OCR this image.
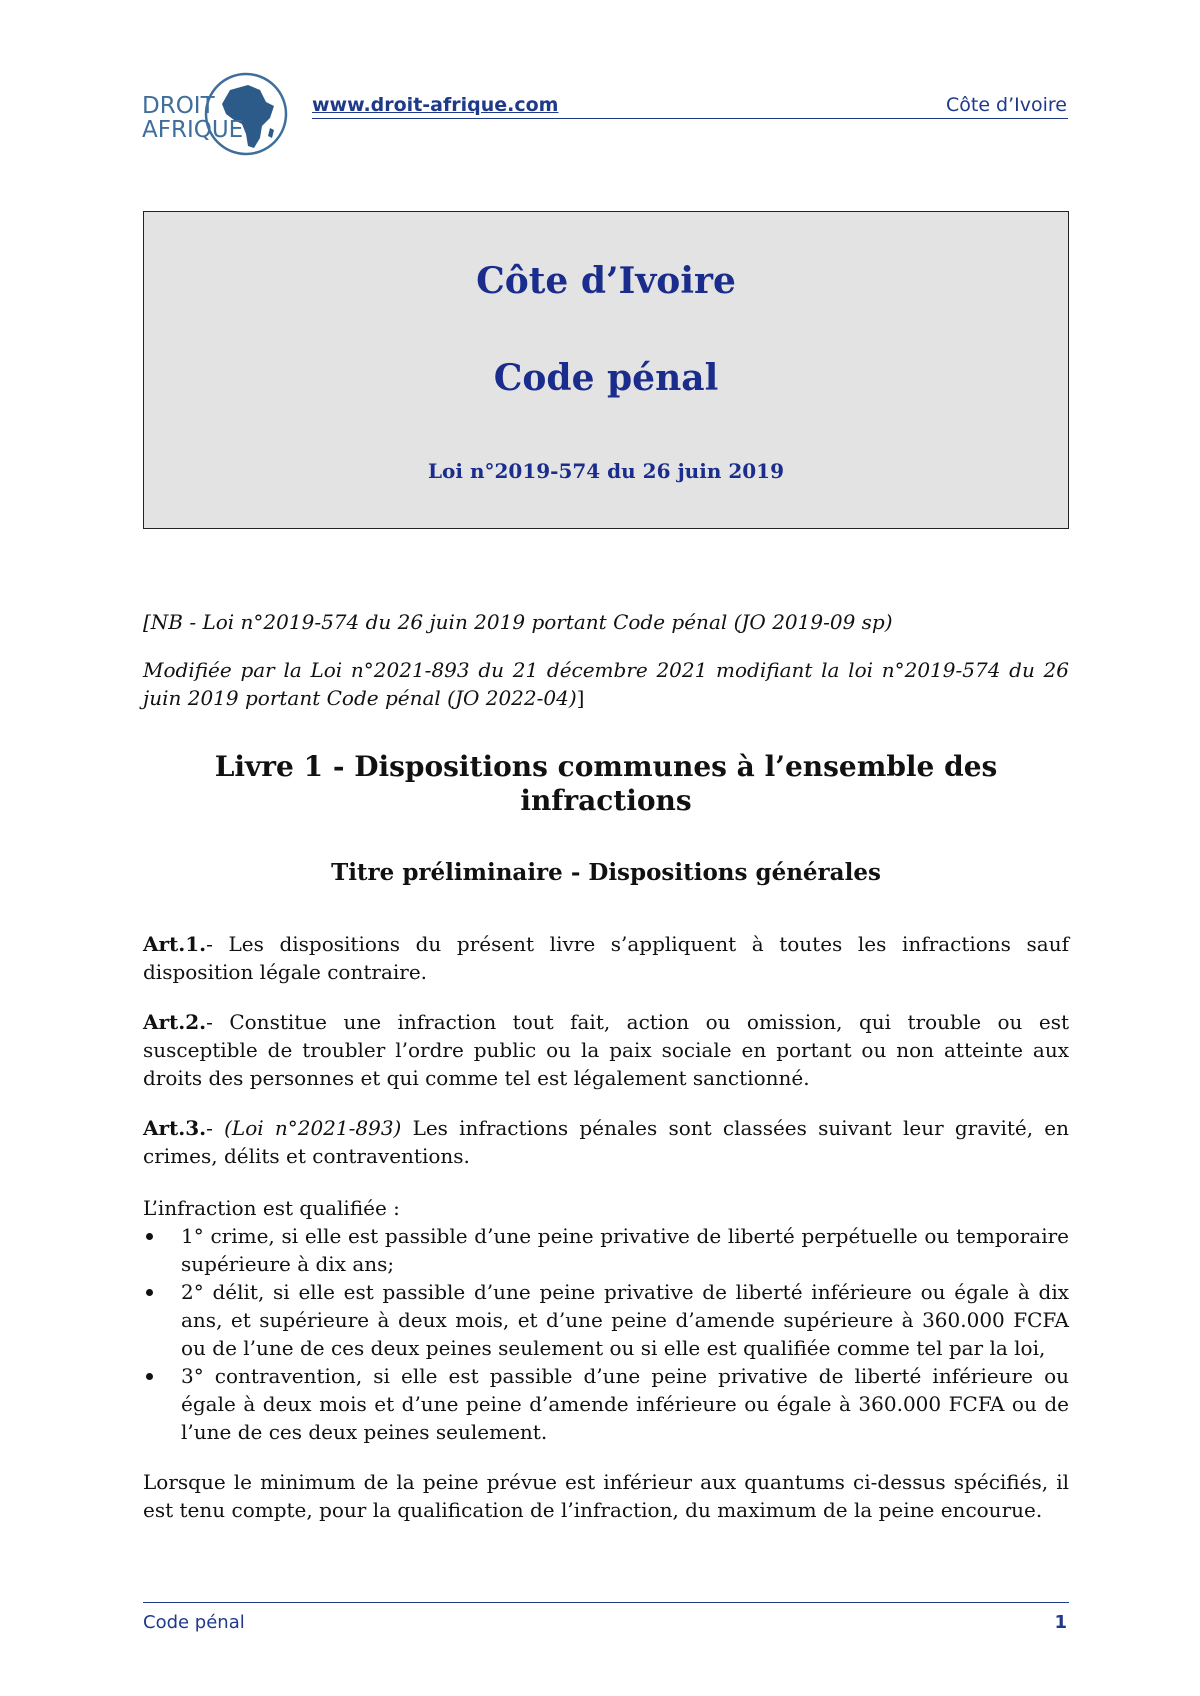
DROIT
AFRIQUE
www.droit-afrique.com	Côte d’Ivoire
Côte d’Ivoire
Code pénal
Loi n°2019-574 du 26 juin 2019

[NB - Loi n°2019-574 du 26 juin 2019 portant Code pénal (JO 2019-09 sp)

Modifiée par la Loi n°2021-893 du 21 décembre 2021 modifiant la loi n°2019-574 du 26 juin 2019 portant Code pénal (JO 2022-04)]

Livre 1 - Dispositions communes à l’ensemble des infractions
Titre préliminaire - Dispositions générales

Art.1.- Les dispositions du présent livre s’appliquent à toutes les infractions sauf disposition légale contraire.

Art.2.- Constitue une infraction tout fait, action ou omission, qui trouble ou est susceptible de troubler l’ordre public ou la paix sociale en portant ou non atteinte aux droits des personnes et qui comme tel est légalement sanctionné.

Art.3.- (Loi n°2021-893) Les infractions pénales sont classées suivant leur gravité, en crimes, délits et contraventions.

L’infraction est qualifiée :

1° crime, si elle est passible d’une peine privative de liberté perpétuelle ou temporaire supérieure à dix ans;
2° délit, si elle est passible d’une peine privative de liberté inférieure ou égale à dix ans, et supérieure à deux mois, et d’une peine d’amende supérieure à 360.000 FCFA ou de l’une de ces deux peines seulement ou si elle est qualifiée comme tel par la loi,
3° contravention, si elle est passible d’une peine privative de liberté inférieure ou égale à deux mois et d’une peine d’amende inférieure ou égale à 360.000 FCFA ou de l’une de ces deux peines seulement.

Lorsque le minimum de la peine prévue est inférieur aux quantums ci-dessus spécifiés, il est tenu compte, pour la qualification de l’infraction, du maximum de la peine encourue.

Code pénal	1
